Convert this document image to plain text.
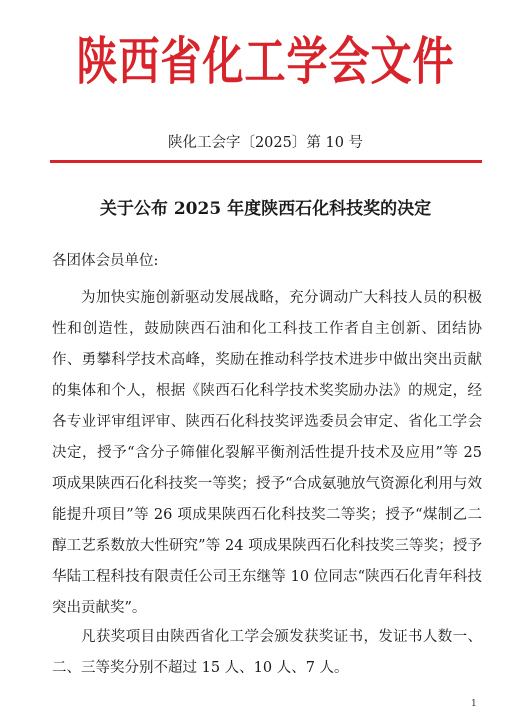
陕西省化工学会文件
陕化工会字〔2025〕第 10 号
关于公布 2025 年度陕西石化科技奖的决定
各团体会员单位:

为加快实施创新驱动发展战略，充分调动广大科技人员的积极性和创造性，鼓励陕西石油和化工科技工作者自主创新、团结协作、勇攀科学技术高峰，奖励在推动科学技术进步中做出突出贡献的集体和个人，根据《陕西石化科学技术奖奖励办法》的规定，经各专业评审组评审、陕西石化科技奖评选委员会审定、省化工学会决定，授予“含分子筛催化裂解平衡剂活性提升技术及应用”等 25 项成果陕西石化科技奖一等奖；授予“合成氨驰放气资源化利用与效能提升项目”等 26 项成果陕西石化科技奖二等奖；授予“煤制乙二醇工艺系数放大性研究”等 24 项成果陕西石化科技奖三等奖；授予华陆工程科技有限责任公司王东继等 10 位同志“陕西石化青年科技突出贡献奖”。

凡获奖项目由陕西省化工学会颁发获奖证书，发证书人数一、二、三等奖分别不超过 15 人、10 人、7 人。

1
